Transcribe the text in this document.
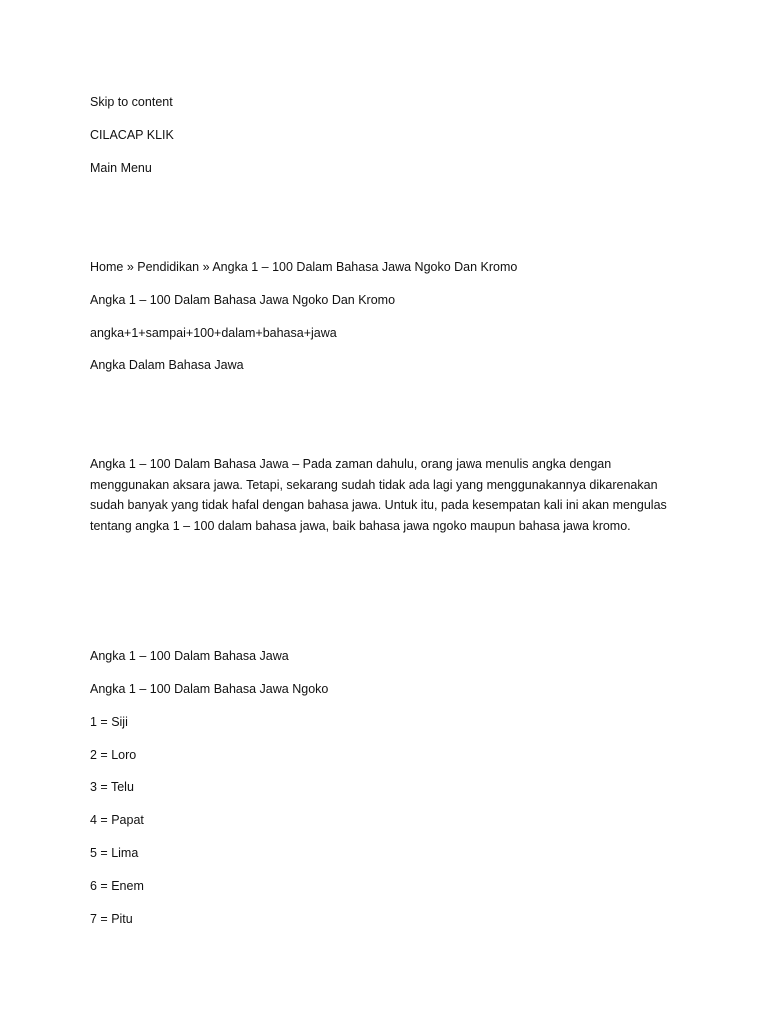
Skip to content
CILACAP KLIK
Main Menu
Home » Pendidikan » Angka 1 – 100 Dalam Bahasa Jawa Ngoko Dan Kromo
Angka 1 – 100 Dalam Bahasa Jawa Ngoko Dan Kromo
angka+1+sampai+100+dalam+bahasa+jawa
Angka Dalam Bahasa Jawa

Angka 1 – 100 Dalam Bahasa Jawa – Pada zaman dahulu, orang jawa menulis angka dengan menggunakan aksara jawa. Tetapi, sekarang sudah tidak ada lagi yang menggunakannya dikarenakan sudah banyak yang tidak hafal dengan bahasa jawa. Untuk itu, pada kesempatan kali ini akan mengulas tentang angka 1 – 100 dalam bahasa jawa, baik bahasa jawa ngoko maupun bahasa jawa kromo.

Angka 1 – 100 Dalam Bahasa Jawa
Angka 1 – 100 Dalam Bahasa Jawa Ngoko
1 = Siji
2 = Loro
3 = Telu
4 = Papat
5 = Lima
6 = Enem
7 = Pitu
